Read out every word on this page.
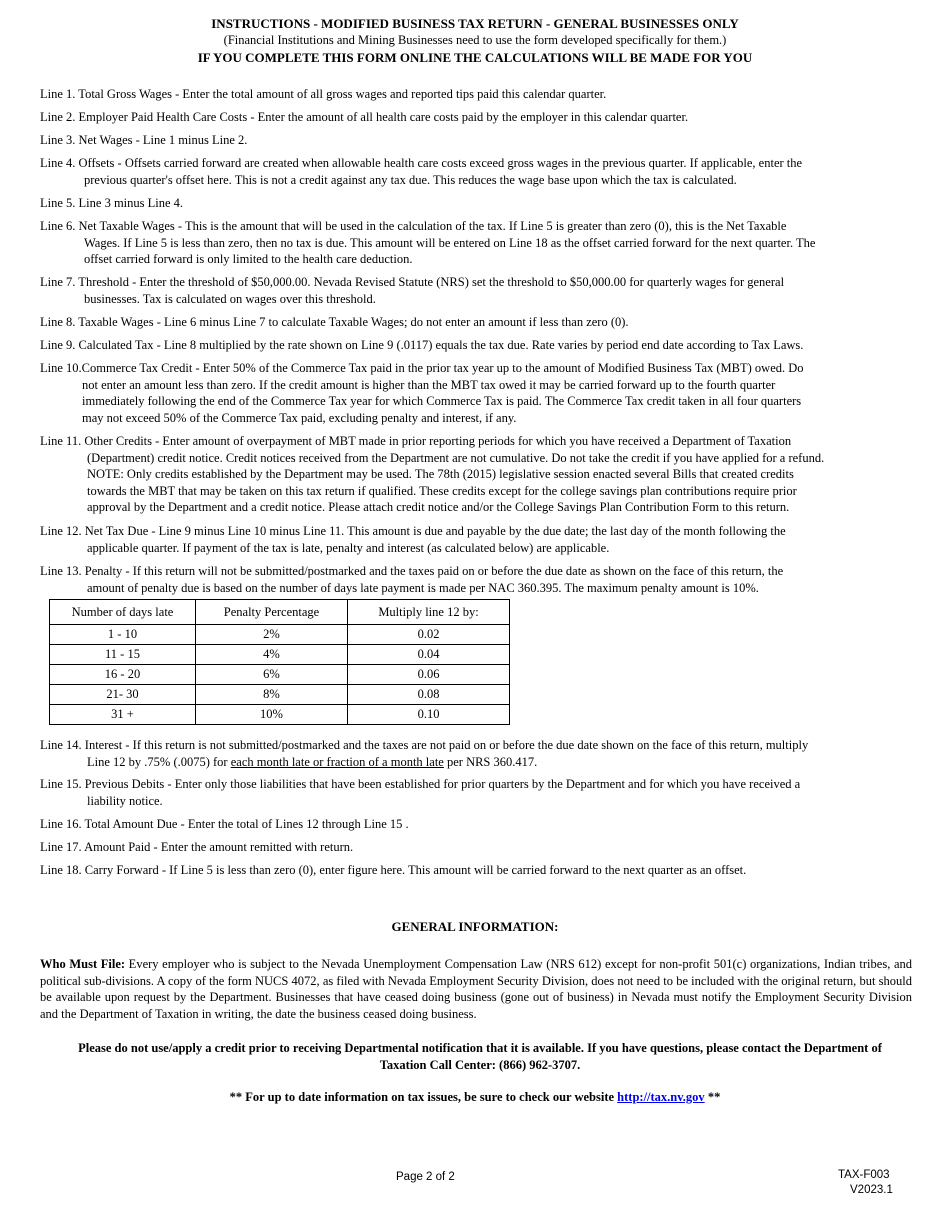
INSTRUCTIONS - MODIFIED BUSINESS TAX RETURN - GENERAL BUSINESSES ONLY
(Financial Institutions and Mining Businesses need to use the form developed specifically for them.)
IF YOU COMPLETE THIS FORM ONLINE THE CALCULATIONS WILL BE MADE FOR YOU
Line 1. Total Gross Wages - Enter the total amount of all gross wages and reported tips paid this calendar quarter.
Line 2. Employer Paid Health Care Costs - Enter the amount of all health care costs paid by the employer in this calendar quarter.
Line 3. Net Wages - Line 1 minus Line 2.
Line 4. Offsets - Offsets carried forward are created when allowable health care costs exceed gross wages in the previous quarter. If applicable, enter the
previous quarter's offset here. This is not a credit against any tax due. This reduces the wage base upon which the tax is calculated.
Line 5. Line 3 minus Line 4.
Line 6. Net Taxable Wages - This is the amount that will be used in the calculation of the tax. If Line 5 is greater than zero (0), this is the Net Taxable
Wages. If Line 5 is less than zero, then no tax is due. This amount will be entered on Line 18 as the offset carried forward for the next quarter. The
offset carried forward is only limited to the health care deduction.
Line 7. Threshold - Enter the threshold of $50,000.00. Nevada Revised Statute (NRS) set the threshold to $50,000.00 for quarterly wages for general
businesses. Tax is calculated on wages over this threshold.
Line 8. Taxable Wages - Line 6 minus Line 7 to calculate Taxable Wages; do not enter an amount if less than zero (0).
Line 9. Calculated Tax - Line 8 multiplied by the rate shown on Line 9 (.0117) equals the tax due. Rate varies by period end date according to Tax Laws.
Line 10.Commerce Tax Credit - Enter 50% of the Commerce Tax paid in the prior tax year up to the amount of Modified Business Tax (MBT) owed. Do
not enter an amount less than zero. If the credit amount is higher than the MBT tax owed it may be carried forward up to the fourth quarter
immediately following the end of the Commerce Tax year for which Commerce Tax is paid. The Commerce Tax credit taken in all four quarters
may not exceed 50% of the Commerce Tax paid, excluding penalty and interest, if any.
Line 11. Other Credits - Enter amount of overpayment of MBT made in prior reporting periods for which you have received a Department of Taxation
(Department) credit notice. Credit notices received from the Department are not cumulative. Do not take the credit if you have applied for a refund.
NOTE: Only credits established by the Department may be used. The 78th (2015) legislative session enacted several Bills that created credits
towards the MBT that may be taken on this tax return if qualified. These credits except for the college savings plan contributions require prior
approval by the Department and a credit notice. Please attach credit notice and/or the College Savings Plan Contribution Form to this return.
Line 12. Net Tax Due - Line 9 minus Line 10 minus Line 11. This amount is due and payable by the due date; the last day of the month following the
applicable quarter. If payment of the tax is late, penalty and interest (as calculated below) are applicable.
Line 13. Penalty - If this return will not be submitted/postmarked and the taxes paid on or before the due date as shown on the face of this return, the
amount of penalty due is based on the number of days late payment is made per NAC 360.395. The maximum penalty amount is 10%.
Number of days late	Penalty Percentage	Multiply line 12 by:
1 - 10	2%	0.02
11 - 15	4%	0.04
16 - 20	6%	0.06
21- 30	8%	0.08
31 +	10%	0.10
Line 14. Interest - If this return is not submitted/postmarked and the taxes are not paid on or before the due date shown on the face of this return, multiply
Line 12 by .75% (.0075) for each month late or fraction of a month late per NRS 360.417.
Line 15. Previous Debits - Enter only those liabilities that have been established for prior quarters by the Department and for which you have received a
liability notice.
Line 16. Total Amount Due - Enter the total of Lines 12 through Line 15 .
Line 17. Amount Paid - Enter the amount remitted with return.
Line 18. Carry Forward - If Line 5 is less than zero (0), enter figure here. This amount will be carried forward to the next quarter as an offset.
GENERAL INFORMATION:
Who Must File: Every employer who is subject to the Nevada Unemployment Compensation Law (NRS 612) except for non-profit 501(c) organizations, Indian tribes, and political sub-divisions. A copy of the form NUCS 4072, as filed with Nevada Employment Security Division, does not need to be included with the original return, but should be available upon request by the Department. Businesses that have ceased doing business (gone out of business) in Nevada must notify the Employment Security Division and the Department of Taxation in writing, the date the business ceased doing business.
Please do not use/apply a credit prior to receiving Departmental notification that it is available. If you have questions, please contact the Department of Taxation Call Center: (866) 962-3707.
** For up to date information on tax issues, be sure to check our website http://tax.nv.gov **
Page 2 of 2	TAX-F003
V2023.1
